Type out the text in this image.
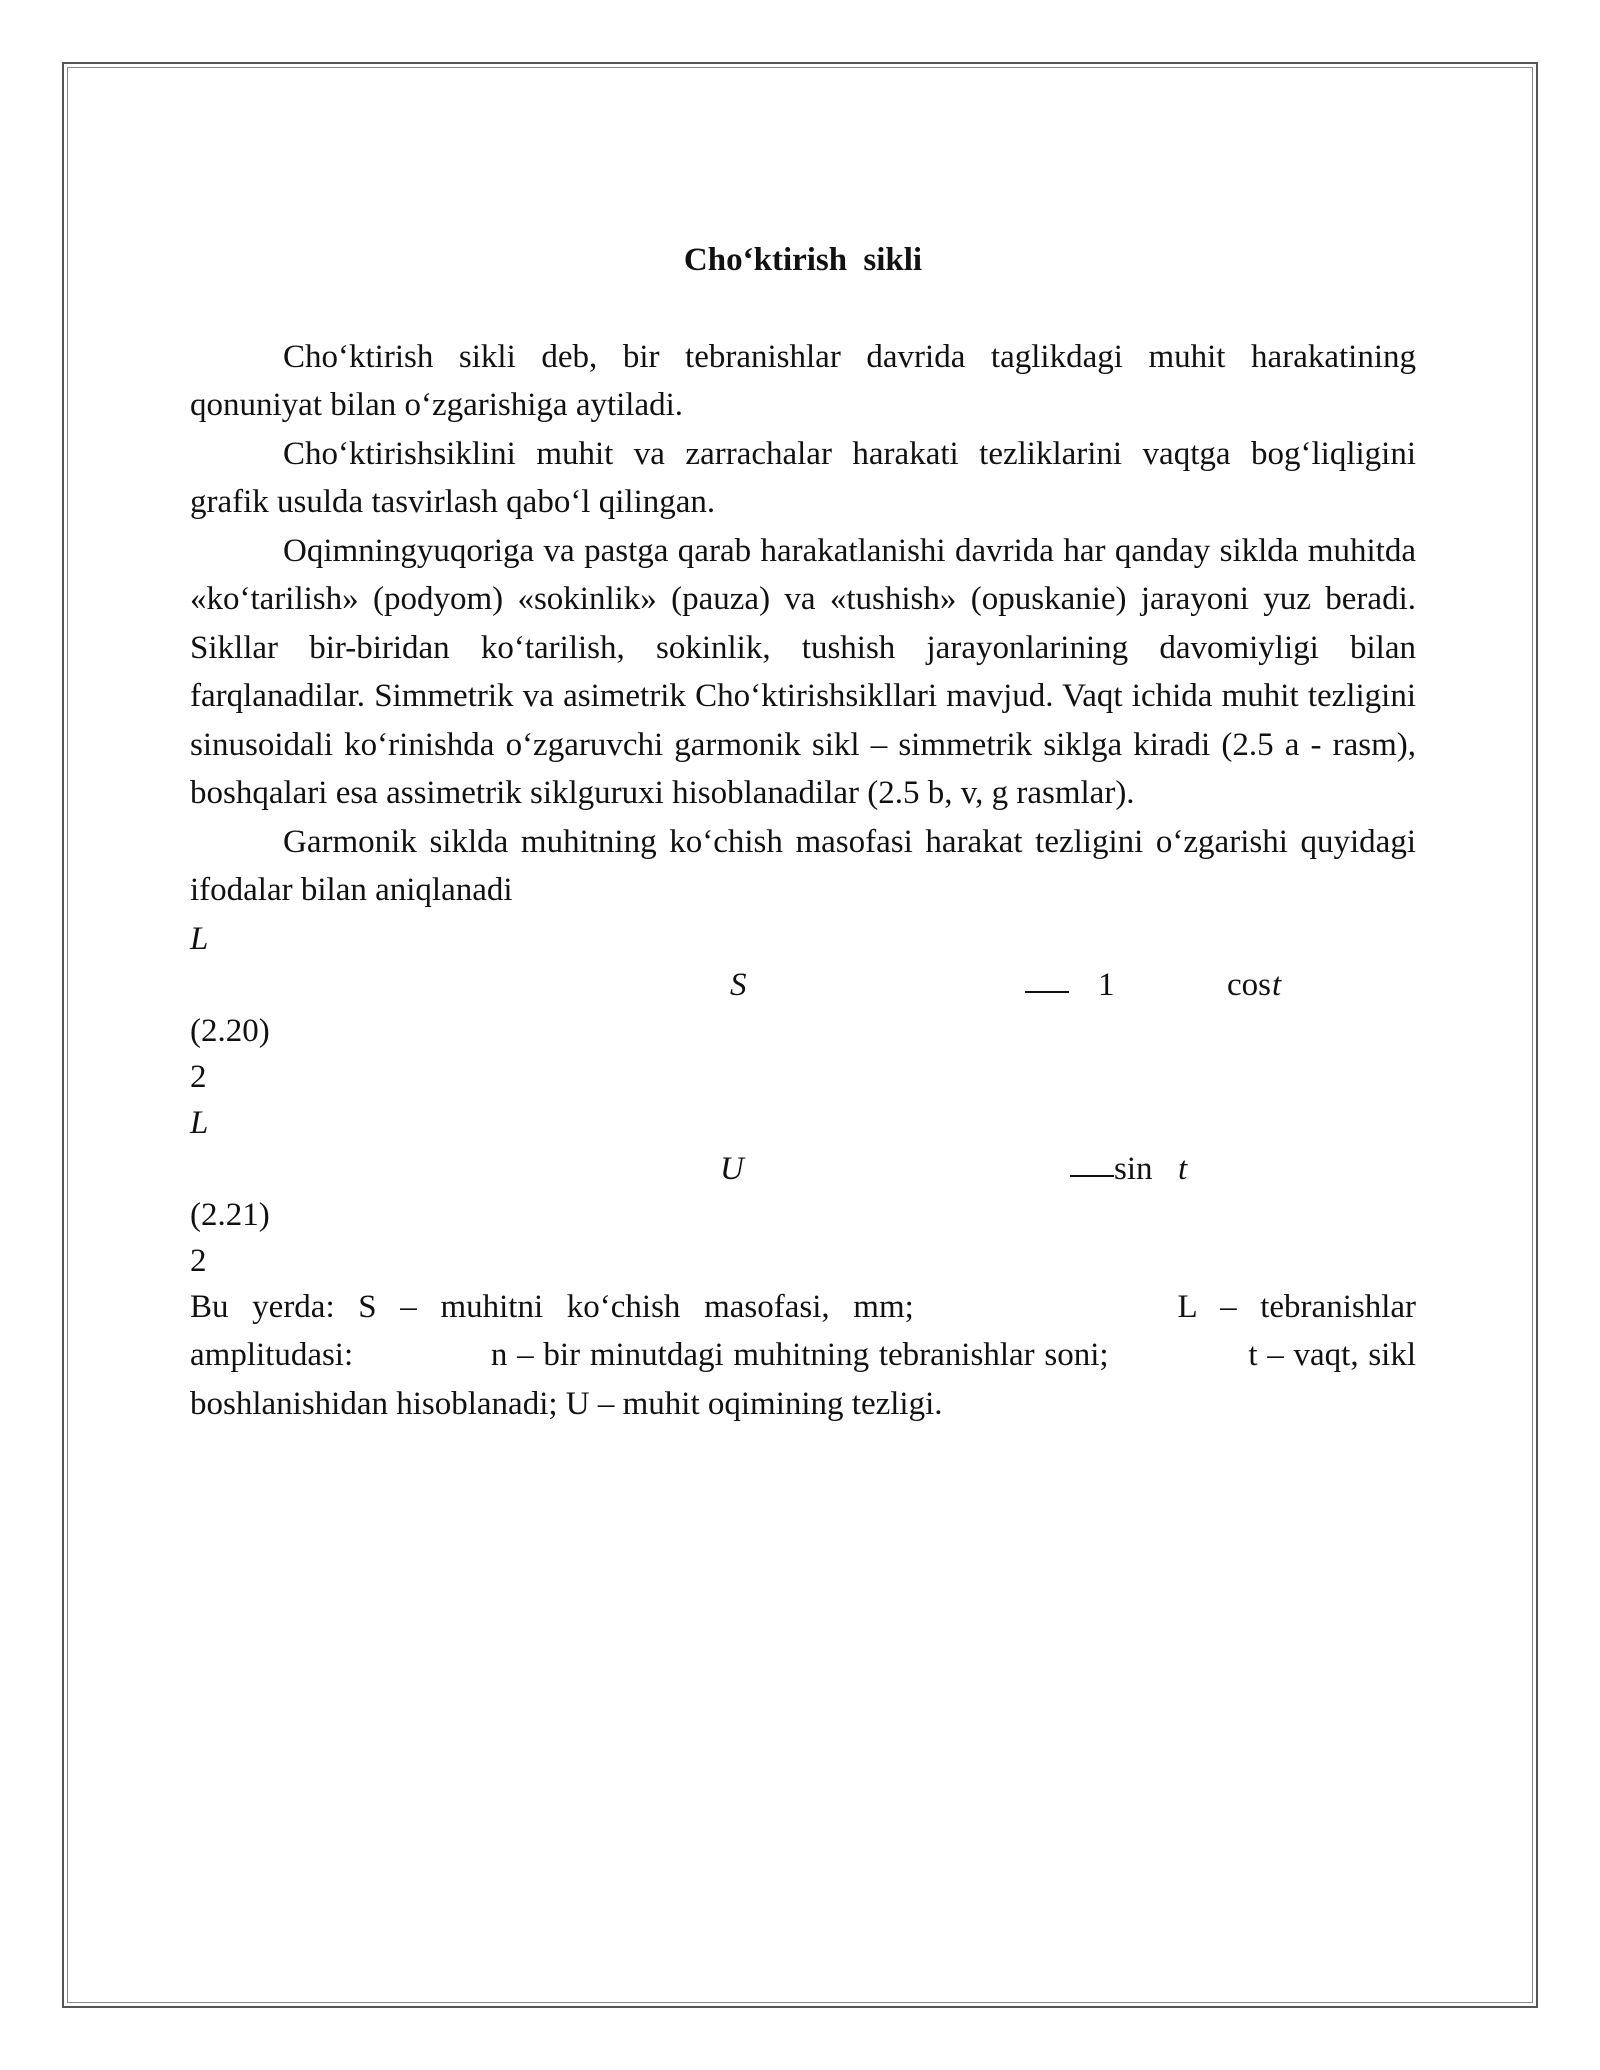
Cho‘ktirish sikli

Cho‘ktirish sikli deb, bir tebranishlar davrida taglikdagi muhit harakatining qonuniyat bilan o‘zgarishiga aytiladi.

Cho‘ktirishsiklini muhit va zarrachalar harakati tezliklarini vaqtga bog‘liqligini grafik usulda tasvirlash qabo‘l qilingan.

Oqimningyuqoriga va pastga qarab harakatlanishi davrida har qanday siklda muhitda «ko‘tarilish» (podyom) «sokinlik» (pauza) va «tushish» (opuskanie) jarayoni yuz beradi. Sikllar bir-biridan ko‘tarilish, sokinlik, tushish jarayonlarining davomiyligi bilan farqlanadilar. Simmetrik va asimetrik Cho‘ktirishsikllari mavjud. Vaqt ichida muhit tezligini sinusoidali ko‘rinishda o‘zgaruvchi garmonik sikl – simmetrik siklga kiradi (2.5 a - rasm), boshqalari esa assimetrik siklguruxi hisoblanadilar (2.5 b, v, g rasmlar).

Garmonik siklda muhitning ko‘chish masofasi harakat tezligini o‘zgarishi quyidagi ifodalar bilan aniqlanadi

L
S	1	cos t
(2.20)
2
L
U	sin t
(2.21)
2

Bu yerda: S – muhitni ko‘chish masofasi, mm;	L – tebranishlar amplitudasi:	n – bir minutdagi muhitning tebranishlar soni;	t – vaqt, sikl boshlanishidan hisoblanadi; U – muhit oqimining tezligi.
